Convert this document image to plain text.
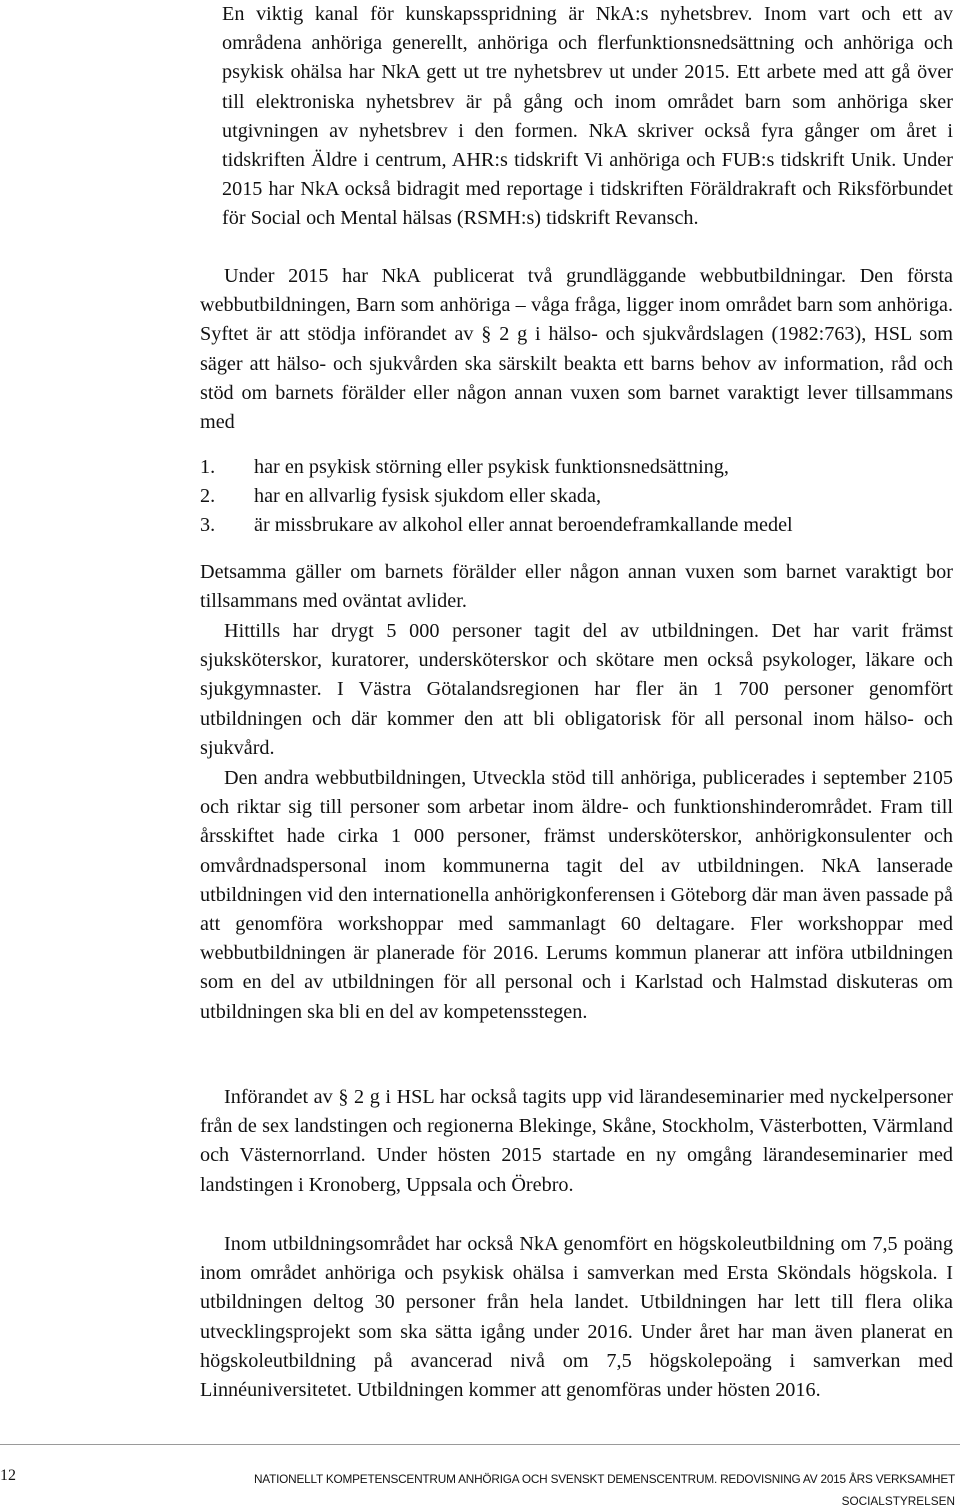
En viktig kanal för kunskapsspridning är NkA:s nyhetsbrev. Inom vart och ett av områdena anhöriga generellt, anhöriga och flerfunktionsnedsättning och anhöriga och psykisk ohälsa har NkA gett ut tre nyhetsbrev ut under 2015. Ett arbete med att gå över till elektroniska nyhetsbrev är på gång och inom området barn som anhöriga sker utgivningen av nyhetsbrev i den formen. NkA skriver också fyra gånger om året i tidskriften Äldre i centrum, AHR:s tidskrift Vi anhöriga och FUB:s tidskrift Unik. Under 2015 har NkA också bidragit med reportage i tidskriften Föräldrakraft och Riksförbundet för Social och Mental hälsas (RSMH:s) tidskrift Revansch.

Under 2015 har NkA publicerat två grundläggande webbutbildningar. Den första webbutbildningen, Barn som anhöriga – våga fråga, ligger inom området barn som anhöriga. Syftet är att stödja införandet av § 2 g i hälso- och sjukvårdslagen (1982:763), HSL som säger att hälso- och sjukvården ska särskilt beakta ett barns behov av information, råd och stöd om barnets förälder eller någon annan vuxen som barnet varaktigt lever tillsammans med

1. har en psykisk störning eller psykisk funktionsnedsättning,
2. har en allvarlig fysisk sjukdom eller skada,
3. är missbrukare av alkohol eller annat beroendeframkallande medel

Detsamma gäller om barnets förälder eller någon annan vuxen som barnet varaktigt bor tillsammans med oväntat avlider.

Hittills har drygt 5 000 personer tagit del av utbildningen. Det har varit främst sjuksköterskor, kuratorer, undersköterskor och skötare men också psykologer, läkare och sjukgymnaster. I Västra Götalandsregionen har fler än 1 700 personer genomfört utbildningen och där kommer den att bli obligatorisk för all personal inom hälso- och sjukvård.

Den andra webbutbildningen, Utveckla stöd till anhöriga, publicerades i september 2105 och riktar sig till personer som arbetar inom äldre- och funktionshinderområdet. Fram till årsskiftet hade cirka 1 000 personer, främst undersköterskor, anhörigkonsulenter och omvårdnadspersonal inom kommunerna tagit del av utbildningen. NkA lanserade utbildningen vid den internationella anhörigkonferensen i Göteborg där man även passade på att genomföra workshoppar med sammanlagt 60 deltagare. Fler workshoppar med webbutbildningen är planerade för 2016. Lerums kommun planerar att införa utbildningen som en del av utbildningen för all personal och i Karlstad och Halmstad diskuteras om utbildningen ska bli en del av kompetensstegen.

Införandet av § 2 g i HSL har också tagits upp vid lärandeseminarier med nyckelpersoner från de sex landstingen och regionerna Blekinge, Skåne, Stockholm, Västerbotten, Värmland och Västernorrland. Under hösten 2015 startade en ny omgång lärandeseminarier med landstingen i Kronoberg, Uppsala och Örebro.

Inom utbildningsområdet har också NkA genomfört en högskoleutbildning om 7,5 poäng inom området anhöriga och psykisk ohälsa i samverkan med Ersta Sköndals högskola. I utbildningen deltog 30 personer från hela landet. Utbildningen har lett till flera olika utvecklingsprojekt som ska sätta igång under 2016. Under året har man även planerat en högskoleutbildning på avancerad nivå om 7,5 högskolepoäng i samverkan med Linnéuniversitetet. Utbildningen kommer att genomföras under hösten 2016.

12	NATIONELLT KOMPETENSCENTRUM ANHÖRIGA OCH SVENSKT DEMENSCENTRUM. REDOVISNING AV 2015 ÅRS VERKSAMHET
SOCIALSTYRELSEN
